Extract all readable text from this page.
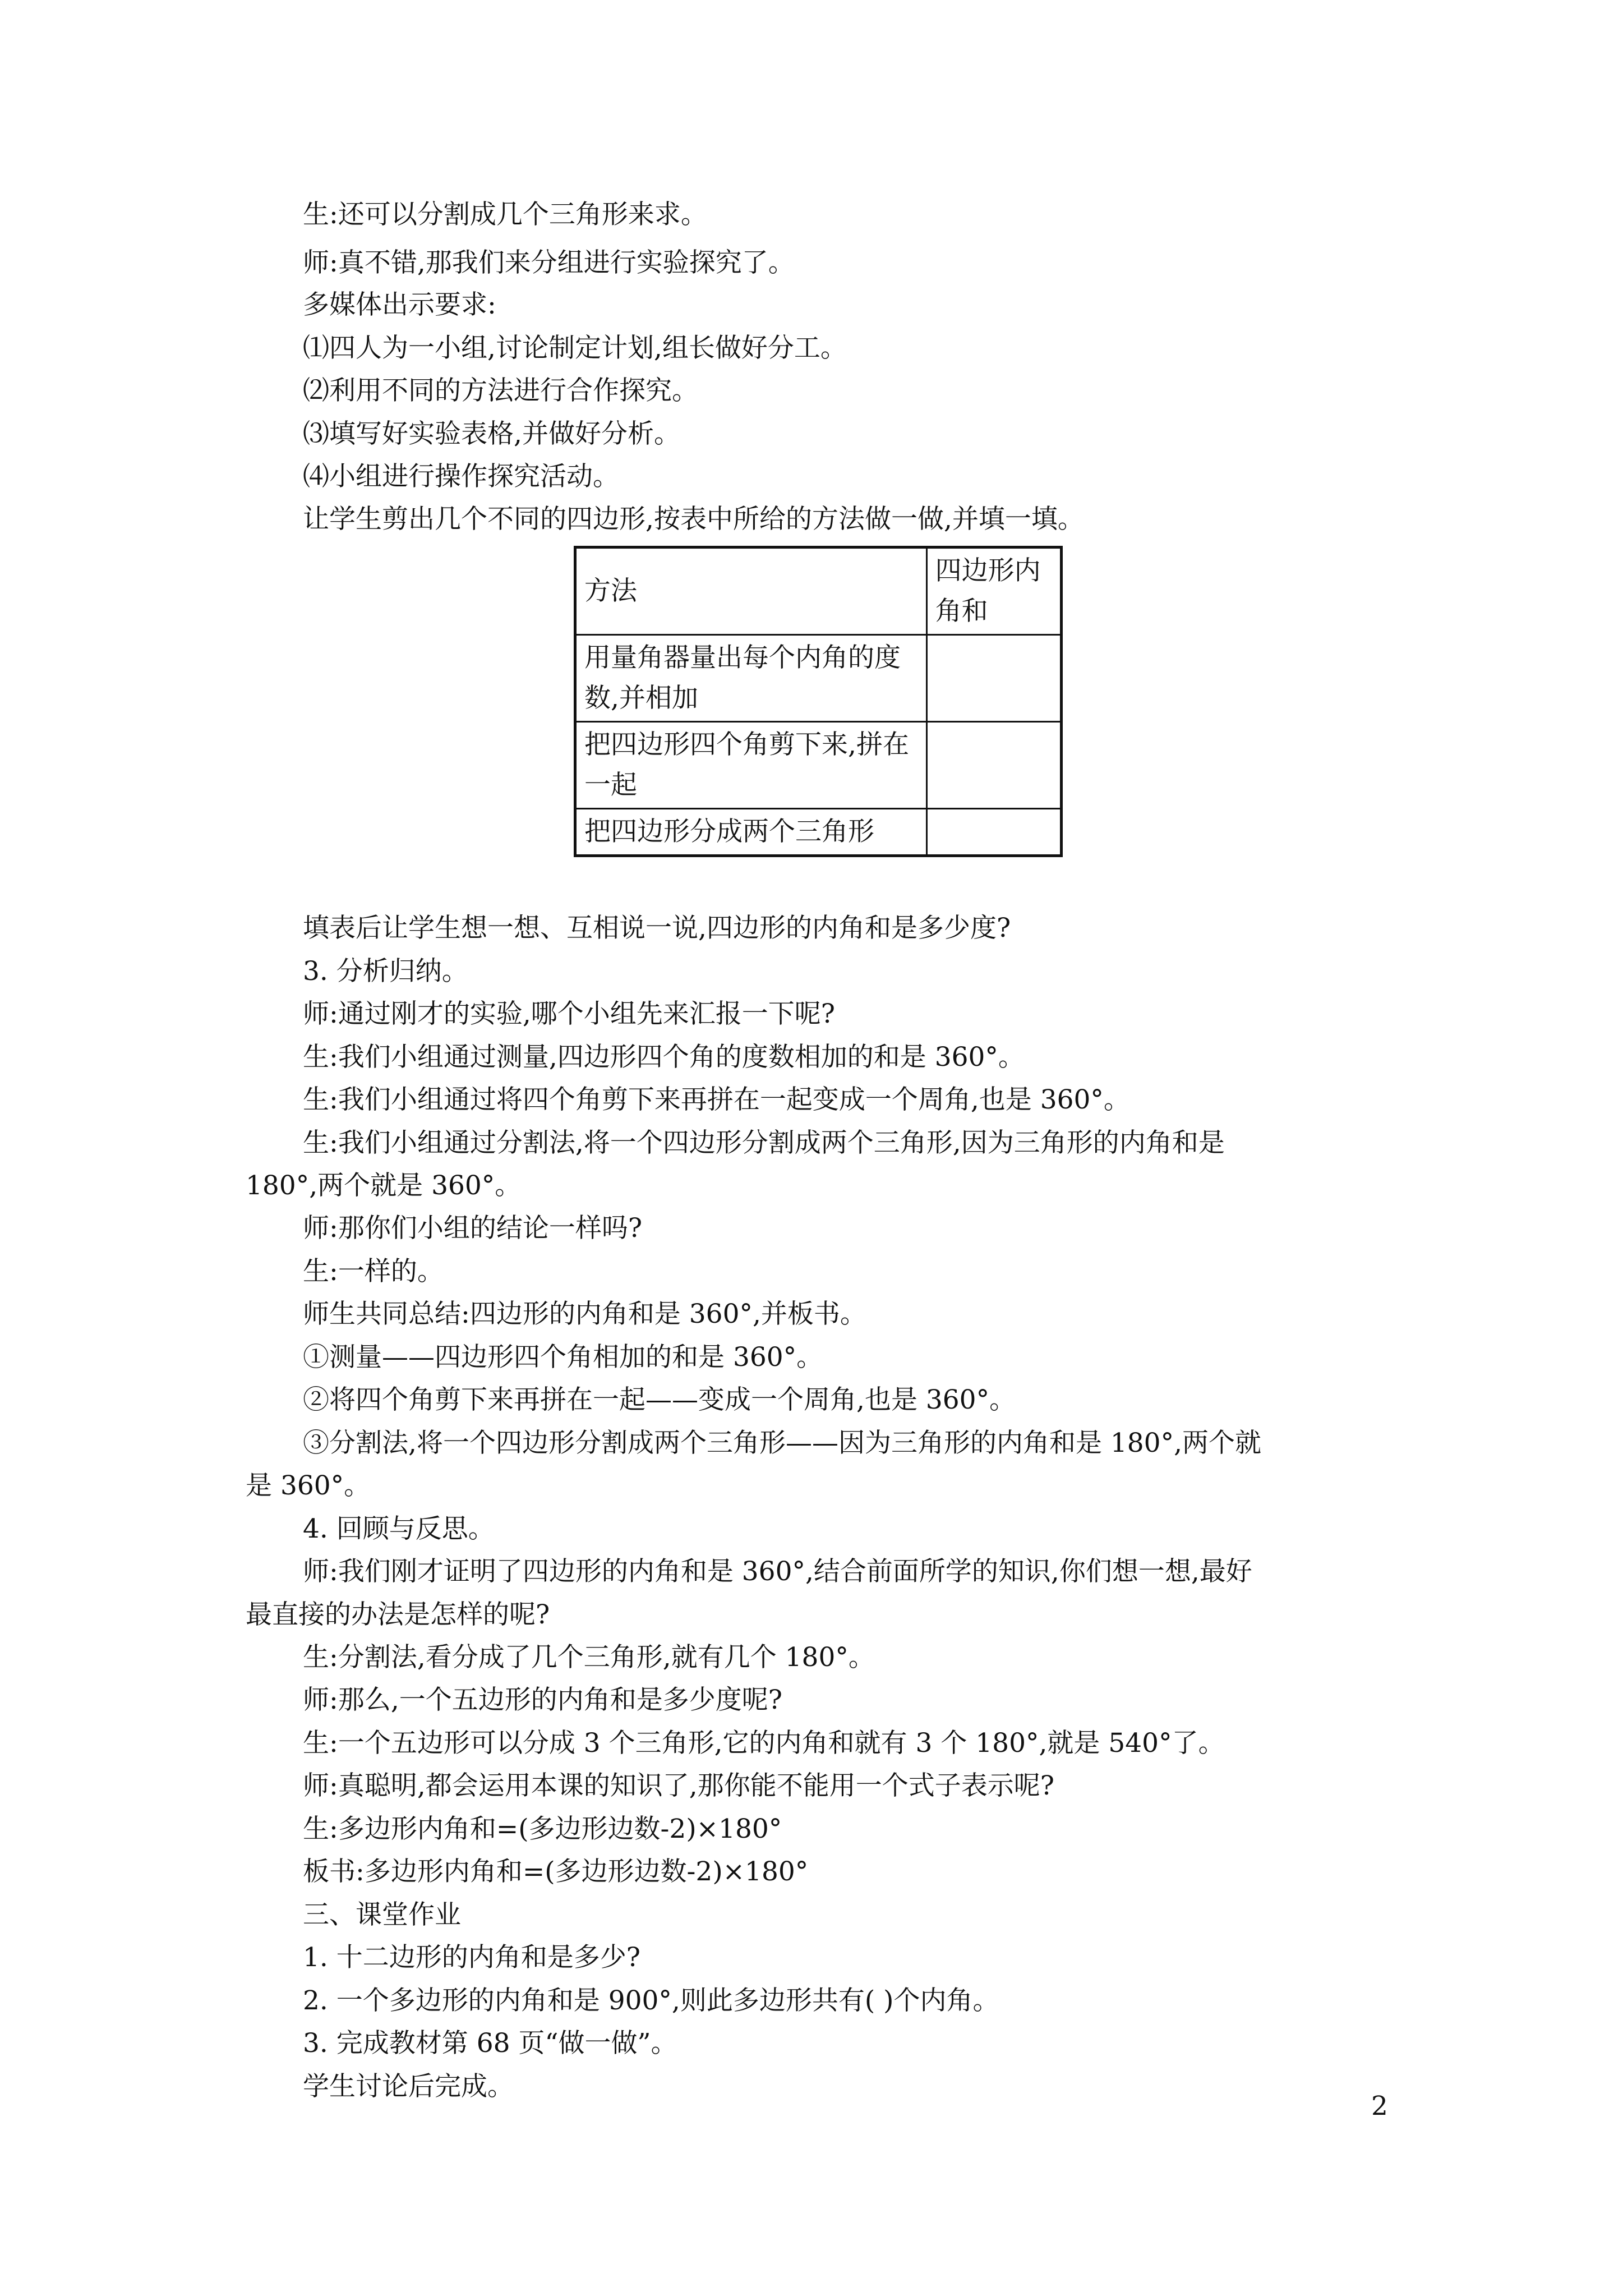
生:还可以分割成几个三角形来求。
师:真不错,那我们来分组进行实验探究了。
多媒体出示要求:
⑴四人为一小组,讨论制定计划,组长做好分工。
⑵利用不同的方法进行合作探究。
⑶填写好实验表格,并做好分析。
⑷小组进行操作探究活动。
让学生剪出几个不同的四边形,按表中所给的方法做一做,并填一填。
方法	四边形内角和
用量角器量出每个内角的度数,并相加	
把四边形四个角剪下来,拼在一起	
把四边形分成两个三角形	
填表后让学生想一想、互相说一说,四边形的内角和是多少度?
3. 分析归纳。
师:通过刚才的实验,哪个小组先来汇报一下呢?
生:我们小组通过测量,四边形四个角的度数相加的和是 360°。
生:我们小组通过将四个角剪下来再拼在一起变成一个周角,也是 360°。
生:我们小组通过分割法,将一个四边形分割成两个三角形,因为三角形的内角和是
180°,两个就是 360°。
师:那你们小组的结论一样吗?
生:一样的。
师生共同总结:四边形的内角和是 360°,并板书。
①测量——四边形四个角相加的和是 360°。
②将四个角剪下来再拼在一起——变成一个周角,也是 360°。
③分割法,将一个四边形分割成两个三角形——因为三角形的内角和是 180°,两个就
是 360°。
4. 回顾与反思。
师:我们刚才证明了四边形的内角和是 360°,结合前面所学的知识,你们想一想,最好
最直接的办法是怎样的呢?
生:分割法,看分成了几个三角形,就有几个 180°。
师:那么,一个五边形的内角和是多少度呢?
生:一个五边形可以分成 3 个三角形,它的内角和就有 3 个 180°,就是 540°了。
师:真聪明,都会运用本课的知识了,那你能不能用一个式子表示呢?
生:多边形内角和=(多边形边数-2)×180°
板书:多边形内角和=(多边形边数-2)×180°
三、课堂作业
1. 十二边形的内角和是多少?
2. 一个多边形的内角和是 900°,则此多边形共有( )个内角。
3. 完成教材第 68 页“做一做”。
学生讨论后完成。
2
